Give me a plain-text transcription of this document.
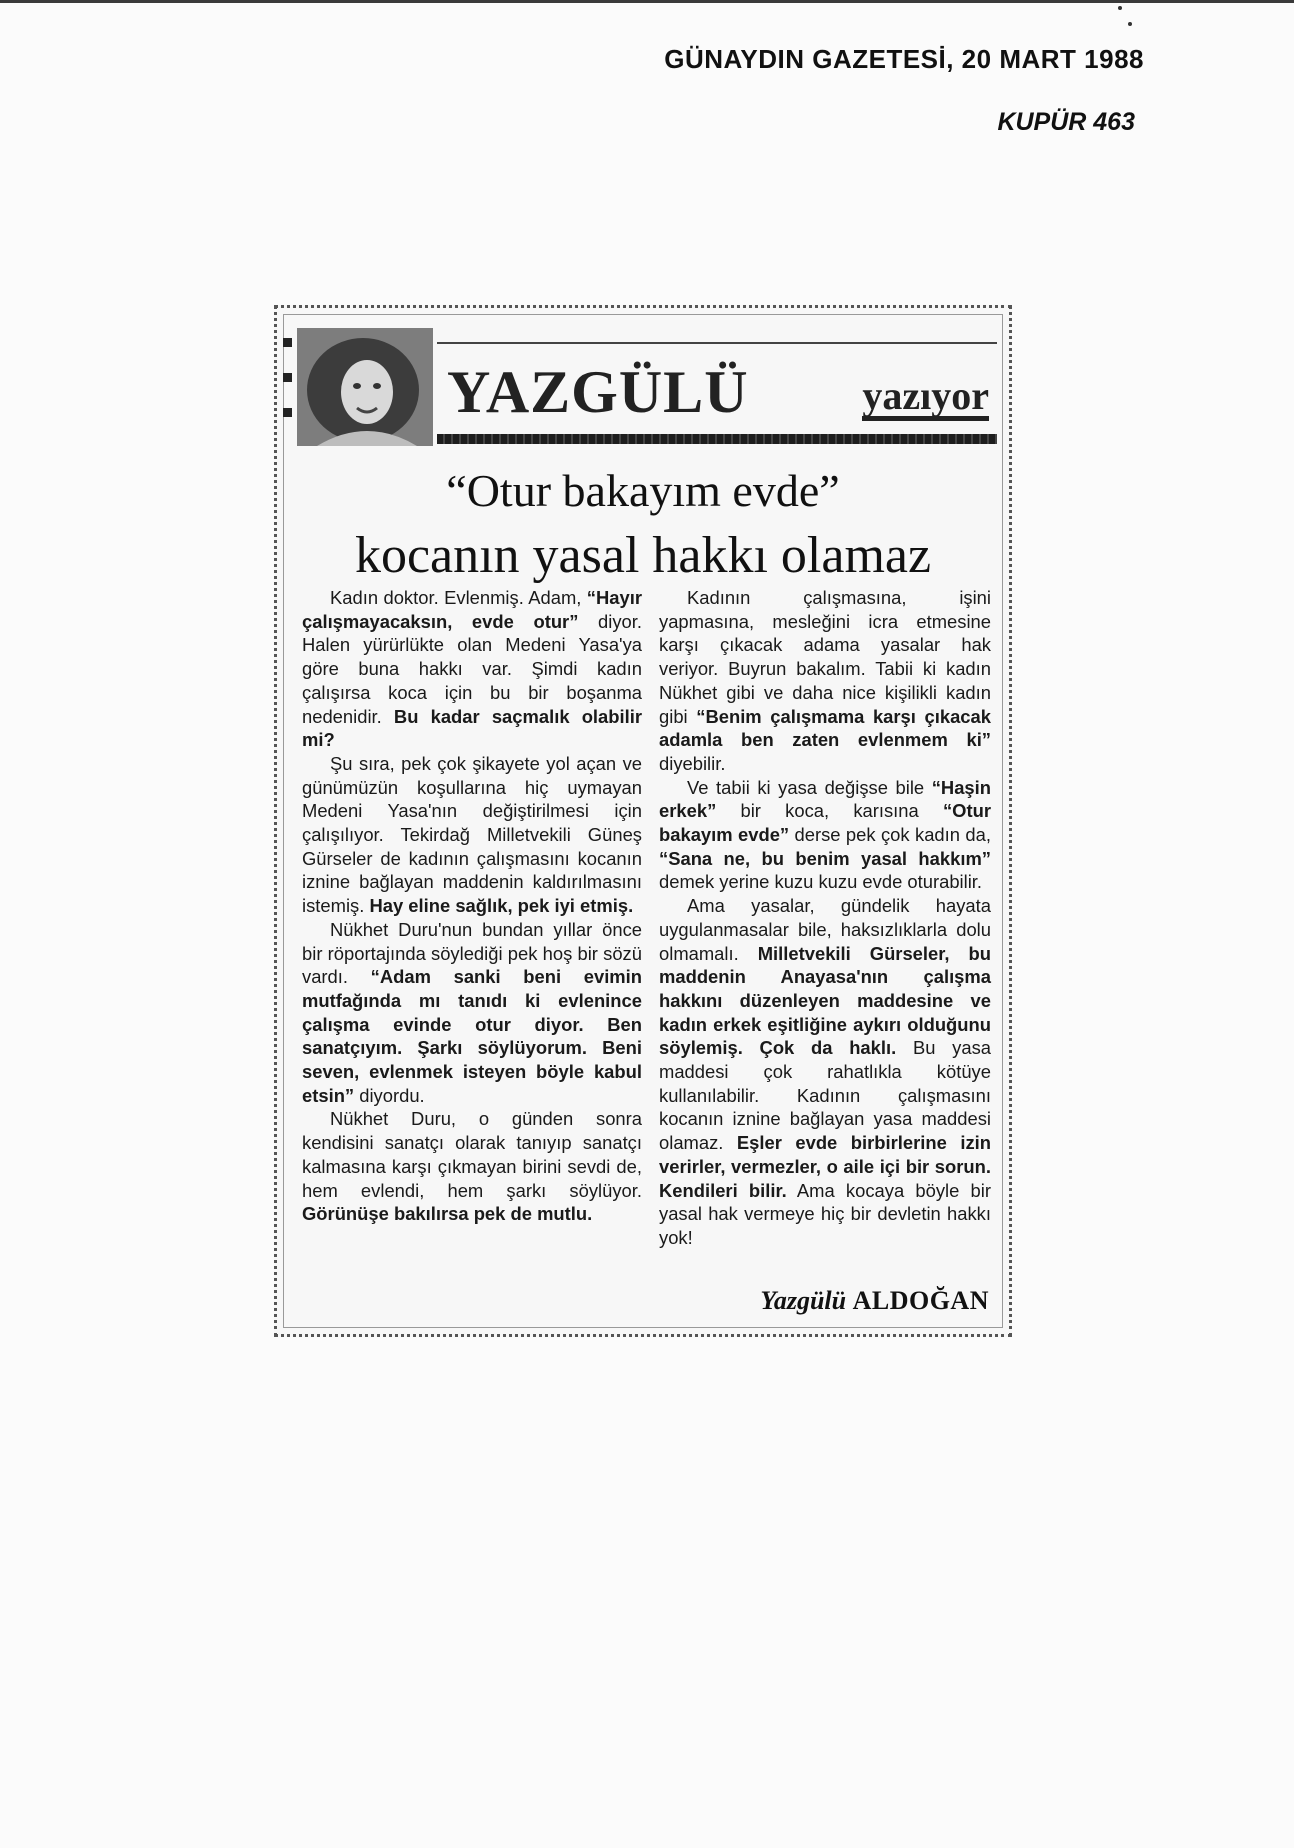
GÜNAYDIN GAZETESİ, 20 MART 1988
KUPÜR 463
YAZGÜLÜ	yazıyor
“Otur bakayım evde”
kocanın yasal hakkı olamaz

Kadın doktor. Evlenmiş. Adam, “Hayır çalışmayacaksın, evde otur” diyor. Halen yürürlükte olan Medeni Yasa'ya göre buna hakkı var. Şimdi kadın çalışırsa koca için bu bir boşanma nedenidir. Bu kadar saçmalık olabilir mi?

Şu sıra, pek çok şikayete yol açan ve günümüzün koşullarına hiç uymayan Medeni Yasa'nın değiştirilmesi için çalışılıyor. Tekirdağ Milletvekili Güneş Gürseler de kadının çalışmasını kocanın iznine bağlayan maddenin kaldırılmasını istemiş. Hay eline sağlık, pek iyi etmiş.

Nükhet Duru'nun bundan yıllar önce bir röportajında söylediği pek hoş bir sözü vardı. “Adam sanki beni evimin mutfağında mı tanıdı ki evlenince çalışma evinde otur diyor. Ben sanatçıyım. Şarkı söylüyorum. Beni seven, evlenmek isteyen böyle kabul etsin” diyordu.

Nükhet Duru, o günden sonra kendisini sanatçı olarak tanıyıp sanatçı kalmasına karşı çıkmayan birini sevdi de, hem evlendi, hem şarkı söylüyor. Görünüşe bakılırsa pek de mutlu.

Kadının çalışmasına, işini yapmasına, mesleğini icra etmesine karşı çıkacak adama yasalar hak veriyor. Buyrun bakalım. Tabii ki kadın Nükhet gibi ve daha nice kişilikli kadın gibi “Benim çalışmama karşı çıkacak adamla ben zaten evlenmem ki” diyebilir.

Ve tabii ki yasa değişse bile “Haşin erkek” bir koca, karısına “Otur bakayım evde” derse pek çok kadın da, “Sana ne, bu benim yasal hakkım” demek yerine kuzu kuzu evde oturabilir.

Ama yasalar, gündelik hayata uygulanmasalar bile, haksızlıklarla dolu olmamalı. Milletvekili Gürseler, bu maddenin Anayasa'nın çalışma hakkını düzenleyen maddesine ve kadın erkek eşitliğine aykırı olduğunu söylemiş. Çok da haklı. Bu yasa maddesi çok rahatlıkla kötüye kullanılabilir. Kadının çalışmasını kocanın iznine bağlayan yasa maddesi olamaz. Eşler evde birbirlerine izin verirler, vermezler, o aile içi bir sorun. Kendileri bilir. Ama kocaya böyle bir yasal hak vermeye hiç bir devletin hakkı yok!

Yazgülü ALDOĞAN
